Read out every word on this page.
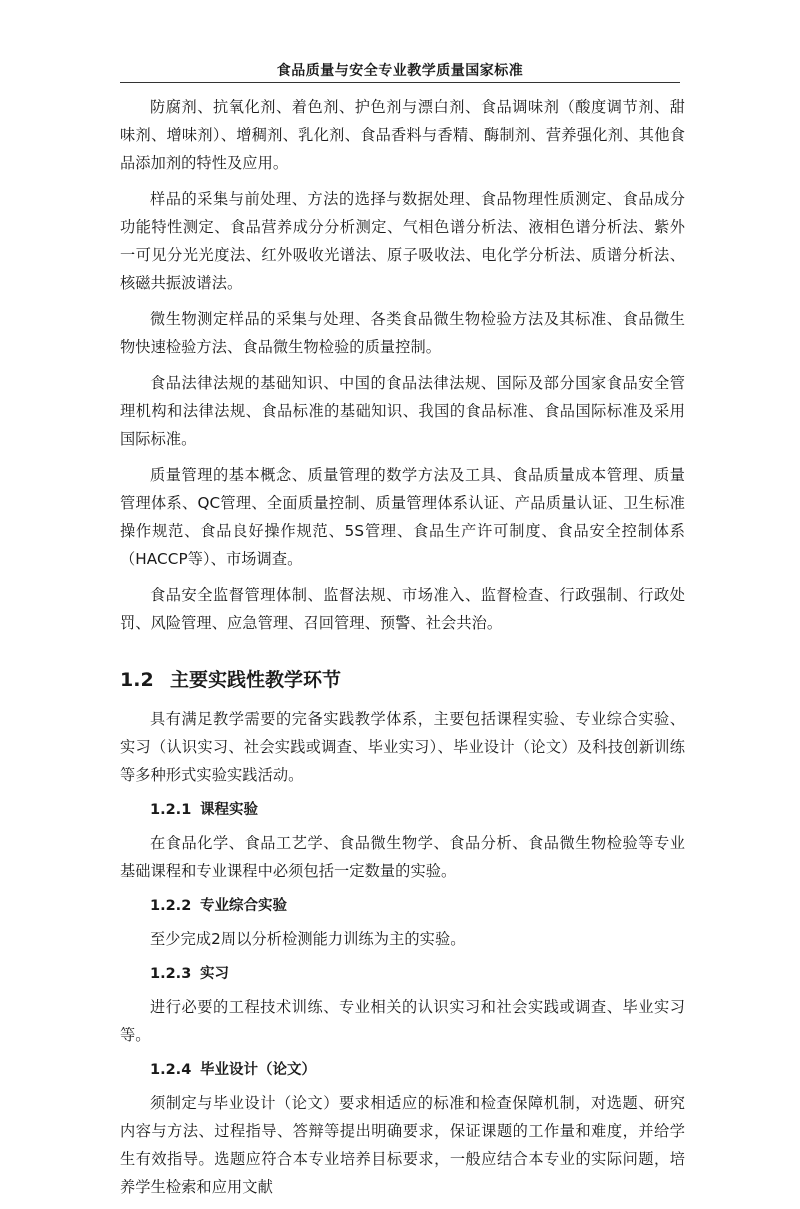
食品质量与安全专业教学质量国家标准

防腐剂、抗氧化剂、着色剂、护色剂与漂白剂、食品调味剂（酸度调节剂、甜味剂、增味剂）、增稠剂、乳化剂、食品香料与香精、酶制剂、营养强化剂、其他食品添加剂的特性及应用。

样品的采集与前处理、方法的选择与数据处理、食品物理性质测定、食品成分功能特性测定、食品营养成分分析测定、气相色谱分析法、液相色谱分析法、紫外一可见分光光度法、红外吸收光谱法、原子吸收法、电化学分析法、质谱分析法、核磁共振波谱法。

微生物测定样品的采集与处理、各类食品微生物检验方法及其标准、食品微生物快速检验方法、食品微生物检验的质量控制。

食品法律法规的基础知识、中国的食品法律法规、国际及部分国家食品安全管理机构和法律法规、食品标准的基础知识、我国的食品标准、食品国际标准及采用国际标准。

质量管理的基本概念、质量管理的数学方法及工具、食品质量成本管理、质量管理体系、QC管理、全面质量控制、质量管理体系认证、产品质量认证、卫生标准操作规范、食品良好操作规范、5S管理、食品生产许可制度、食品安全控制体系（HACCP等）、市场调查。

食品安全监督管理体制、监督法规、市场准入、监督检查、行政强制、行政处罚、风险管理、应急管理、召回管理、预警、社会共治。

1.2 主要实践性教学环节

具有满足教学需要的完备实践教学体系，主要包括课程实验、专业综合实验、实习（认识实习、社会实践或调查、毕业实习）、毕业设计（论文）及科技创新训练等多种形式实验实践活动。

1.2.1 课程实验

在食品化学、食品工艺学、食品微生物学、食品分析、食品微生物检验等专业基础课程和专业课程中必须包括一定数量的实验。

1.2.2 专业综合实验

至少完成2周以分析检测能力训练为主的实验。

1.2.3 实习

进行必要的工程技术训练、专业相关的认识实习和社会实践或调查、毕业实习等。

1.2.4 毕业设计（论文）

须制定与毕业设计（论文）要求相适应的标准和检查保障机制，对选题、研究内容与方法、过程指导、答辩等提出明确要求，保证课题的工作量和难度，并给学生有效指导。选题应符合本专业培养目标要求，一般应结合本专业的实际问题，培养学生检索和应用文献
